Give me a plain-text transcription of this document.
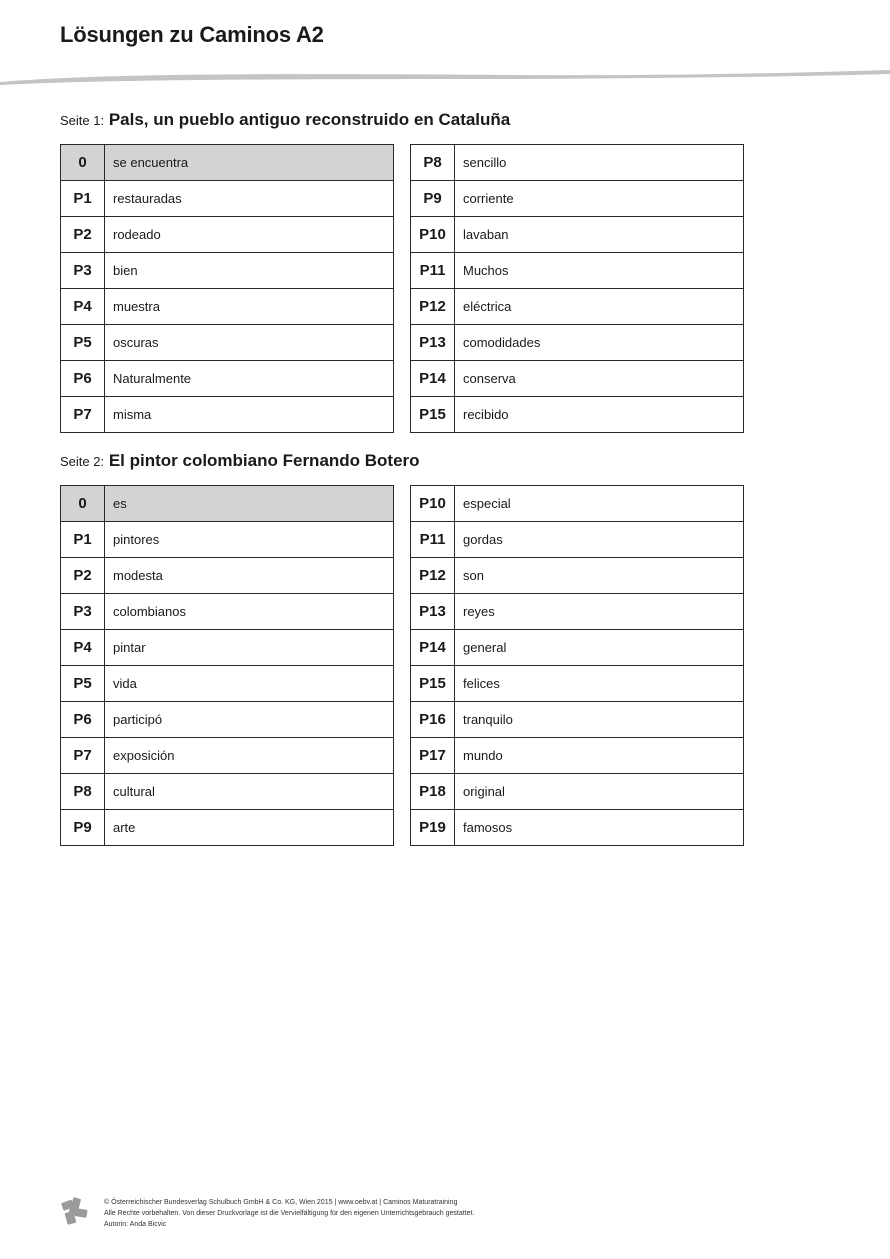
Lösungen zu Caminos A2
Seite 1: Pals, un pueblo antiguo reconstruido en Cataluña
0	se encuentra
P1	restauradas
P2	rodeado
P3	bien
P4	muestra
P5	oscuras
P6	Naturalmente
P7	misma
P8	sencillo
P9	corriente
P10	lavaban
P11	Muchos
P12	eléctrica
P13	comodidades
P14	conserva
P15	recibido
Seite 2: El pintor colombiano Fernando Botero
0	es
P1	pintores
P2	modesta
P3	colombianos
P4	pintar
P5	vida
P6	participó
P7	exposición
P8	cultural
P9	arte
P10	especial
P11	gordas
P12	son
P13	reyes
P14	general
P15	felices
P16	tranquilo
P17	mundo
P18	original
P19	famosos
© Österreichischer Bundesverlag Schulbuch GmbH & Co. KG, Wien 2015 | www.oebv.at | Caminos Maturatraining
Alle Rechte vorbehalten. Von dieser Druckvorlage ist die Vervielfältigung für den eigenen Unterrichtsgebrauch gestattet.
Autorin: Anda Bicvic
